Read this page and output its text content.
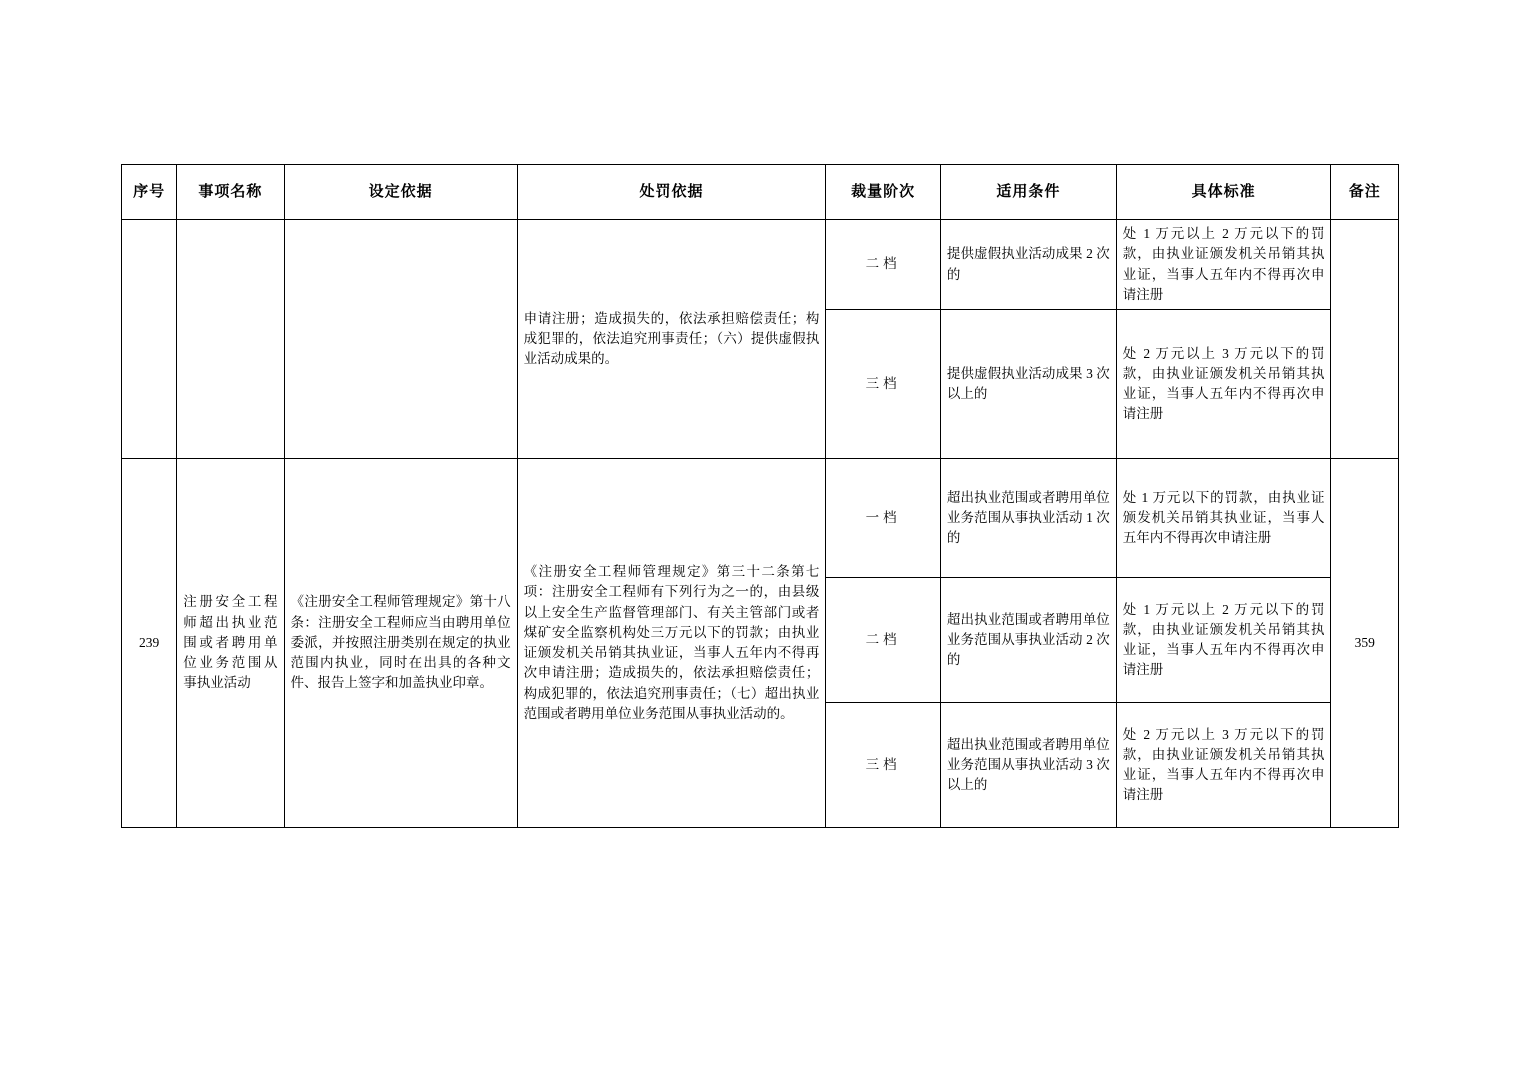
序号	事项名称	设定依据	处罚依据	裁量阶次	适用条件	具体标准	备注
			申请注册；造成损失的，依法承担赔偿责任；构成犯罪的，依法追究刑事责任；（六）提供虚假执业活动成果的。	二档	提供虚假执业活动成果 2 次的	处 1 万元以上 2 万元以下的罚款，由执业证颁发机关吊销其执业证，当事人五年内不得再次申请注册	
				三档	提供虚假执业活动成果 3 次以上的	处 2 万元以上 3 万元以下的罚款，由执业证颁发机关吊销其执业证，当事人五年内不得再次申请注册	
239	注册安全工程师超出执业范围或者聘用单位业务范围从事执业活动	《注册安全工程师管理规定》第十八条：注册安全工程师应当由聘用单位委派，并按照注册类别在规定的执业范围内执业，同时在出具的各种文件、报告上签字和加盖执业印章。	《注册安全工程师管理规定》第三十二条第七项：注册安全工程师有下列行为之一的，由县级以上安全生产监督管理部门、有关主管部门或者煤矿安全监察机构处三万元以下的罚款；由执业证颁发机关吊销其执业证，当事人五年内不得再次申请注册；造成损失的，依法承担赔偿责任；构成犯罪的，依法追究刑事责任；（七）超出执业范围或者聘用单位业务范围从事执业活动的。	一档	超出执业范围或者聘用单位业务范围从事执业活动 1 次的	处 1 万元以下的罚款，由执业证颁发机关吊销其执业证，当事人五年内不得再次申请注册	359
				二档	超出执业范围或者聘用单位业务范围从事执业活动 2 次的	处 1 万元以上 2 万元以下的罚款，由执业证颁发机关吊销其执业证，当事人五年内不得再次申请注册	
				三档	超出执业范围或者聘用单位业务范围从事执业活动 3 次以上的	处 2 万元以上 3 万元以下的罚款，由执业证颁发机关吊销其执业证，当事人五年内不得再次申请注册	
